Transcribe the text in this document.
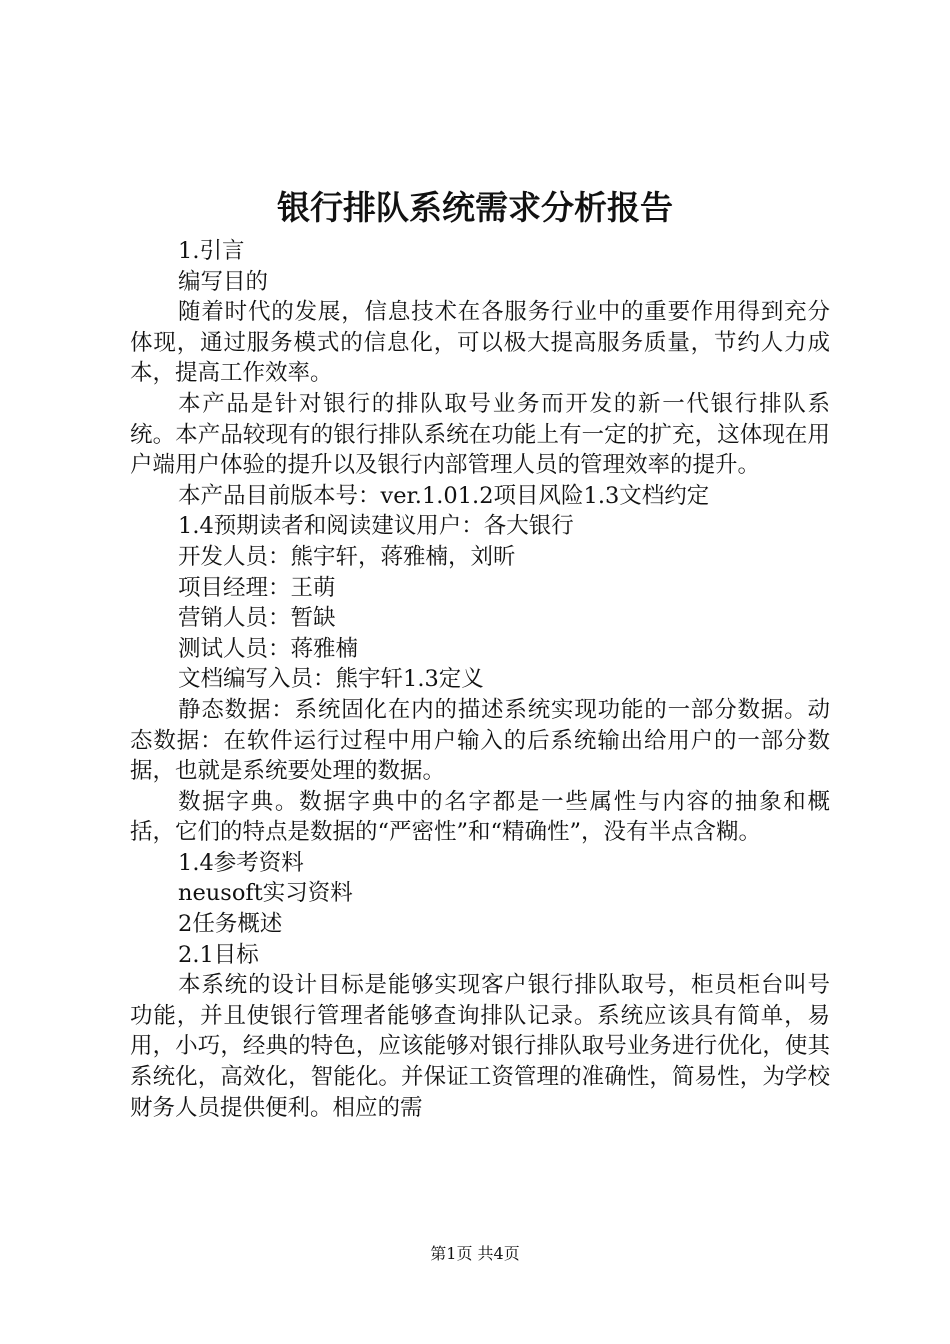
银行排队系统需求分析报告

1.引言

编写目的

随着时代的发展，信息技术在各服务行业中的重要作用得到充分体现，通过服务模式的信息化，可以极大提高服务质量，节约人力成本，提高工作效率。

本产品是针对银行的排队取号业务而开发的新一代银行排队系统。本产品较现有的银行排队系统在功能上有一定的扩充，这体现在用户端用户体验的提升以及银行内部管理人员的管理效率的提升。

本产品目前版本号：ver.1.01.2项目风险1.3文档约定

1.4预期读者和阅读建议用户：各大银行

开发人员：熊宇轩，蒋雅楠，刘昕

项目经理：王萌

营销人员：暂缺

测试人员：蒋雅楠

文档编写入员：熊宇轩1.3定义

静态数据：系统固化在内的描述系统实现功能的一部分数据。动态数据：在软件运行过程中用户输入的后系统输出给用户的一部分数据，也就是系统要处理的数据。

数据字典。数据字典中的名字都是一些属性与内容的抽象和概括，它们的特点是数据的“严密性”和“精确性”，没有半点含糊。

1.4参考资料

neusoft实习资料

2任务概述

2.1目标

本系统的设计目标是能够实现客户银行排队取号，柜员柜台叫号功能，并且使银行管理者能够查询排队记录。系统应该具有简单，易用，小巧，经典的特色，应该能够对银行排队取号业务进行优化，使其系统化，高效化，智能化。并保证工资管理的准确性，简易性，为学校财务人员提供便利。相应的需

第1页 共4页
